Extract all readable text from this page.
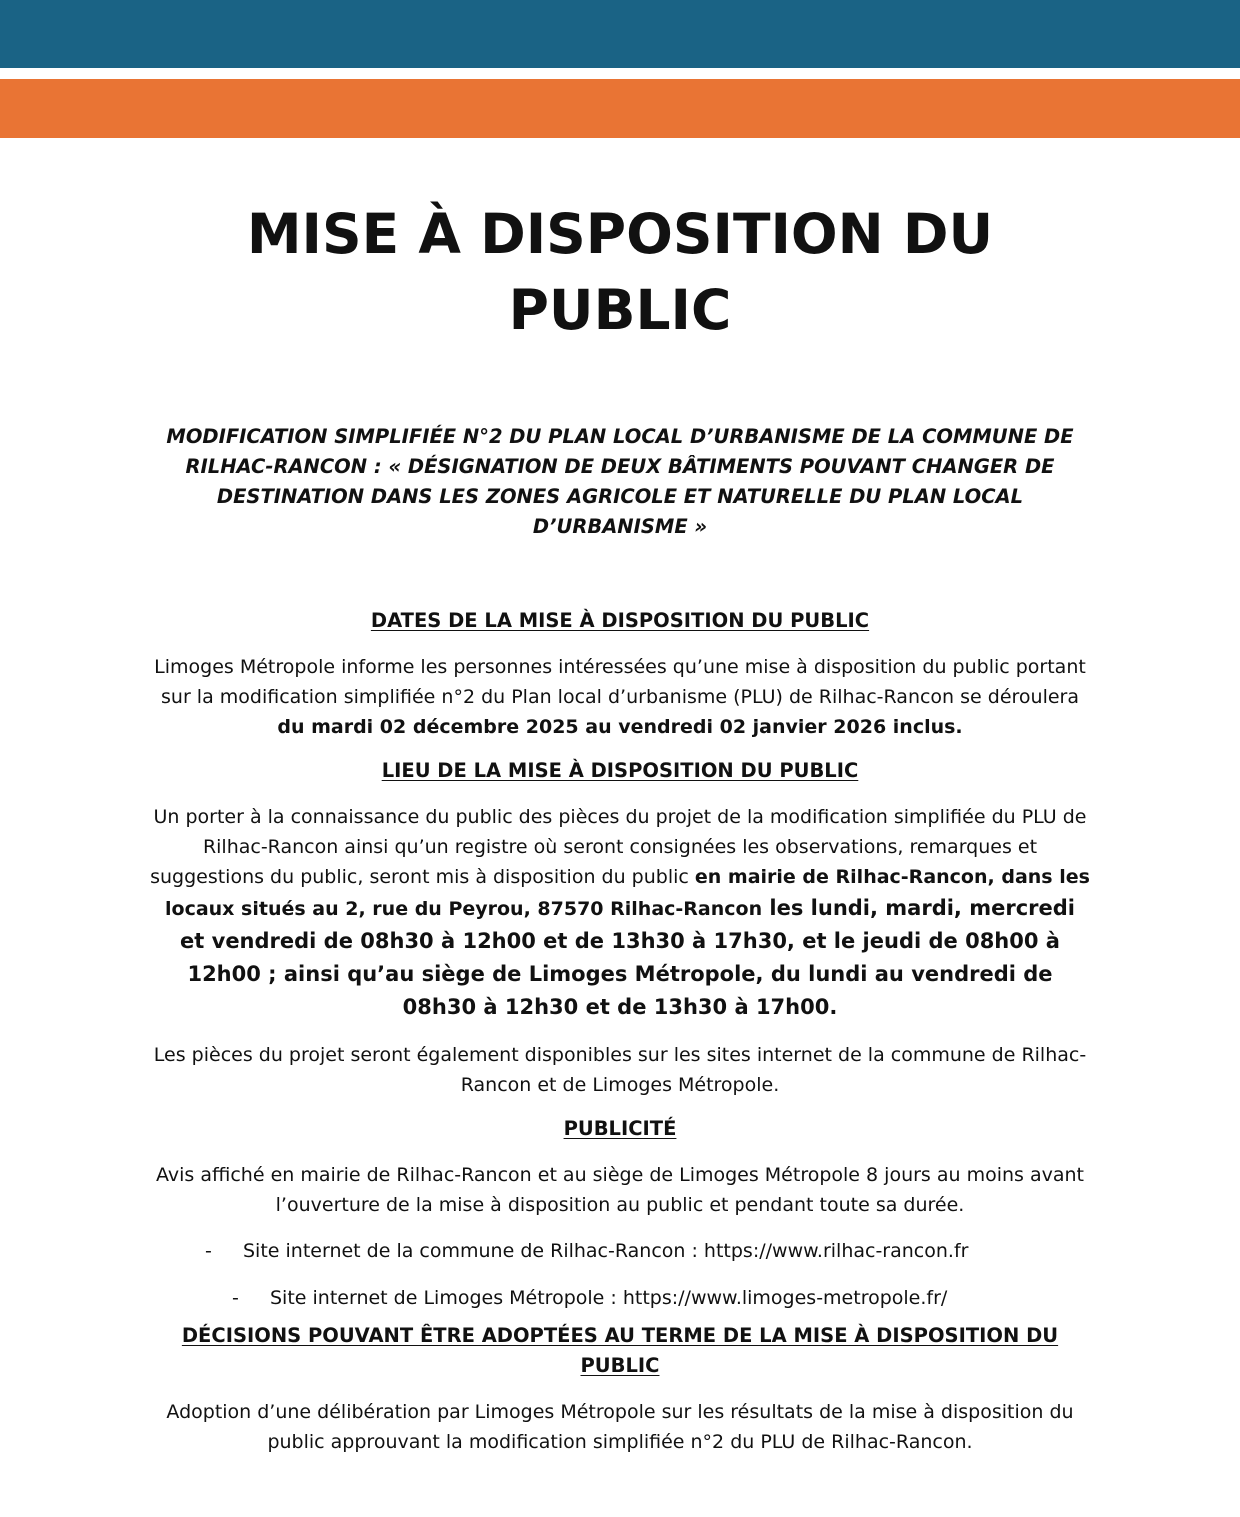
MISE À DISPOSITION DU PUBLIC

MODIFICATION SIMPLIFIÉE N°2 DU PLAN LOCAL D’URBANISME DE LA COMMUNE DE RILHAC-RANCON : « DÉSIGNATION DE DEUX BÂTIMENTS POUVANT CHANGER DE DESTINATION DANS LES ZONES AGRICOLE ET NATURELLE DU PLAN LOCAL D’URBANISME »

DATES DE LA MISE À DISPOSITION DU PUBLIC

Limoges Métropole informe les personnes intéressées qu’une mise à disposition du public portant sur la modification simplifiée n°2 du Plan local d’urbanisme (PLU) de Rilhac-Rancon se déroulera du mardi 02 décembre 2025 au vendredi 02 janvier 2026 inclus.

LIEU DE LA MISE À DISPOSITION DU PUBLIC

Un porter à la connaissance du public des pièces du projet de la modification simplifiée du PLU de Rilhac-Rancon ainsi qu’un registre où seront consignées les observations, remarques et suggestions du public, seront mis à disposition du public en mairie de Rilhac-Rancon, dans les locaux situés au 2, rue du Peyrou, 87570 Rilhac-Rancon les lundi, mardi, mercredi et vendredi de 08h30 à 12h00 et de 13h30 à 17h30, et le jeudi de 08h00 à 12h00 ; ainsi qu’au siège de Limoges Métropole, du lundi au vendredi de 08h30 à 12h30 et de 13h30 à 17h00.

Les pièces du projet seront également disponibles sur les sites internet de la commune de Rilhac-Rancon et de Limoges Métropole.

PUBLICITÉ

Avis affiché en mairie de Rilhac-Rancon et au siège de Limoges Métropole 8 jours au moins avant l’ouverture de la mise à disposition au public et pendant toute sa durée.

- Site internet de la commune de Rilhac-Rancon : https://www.rilhac-rancon.fr

- Site internet de Limoges Métropole : https://www.limoges-metropole.fr/

DÉCISIONS POUVANT ÊTRE ADOPTÉES AU TERME DE LA MISE À DISPOSITION DU PUBLIC

Adoption d’une délibération par Limoges Métropole sur les résultats de la mise à disposition du public approuvant la modification simplifiée n°2 du PLU de Rilhac-Rancon.
